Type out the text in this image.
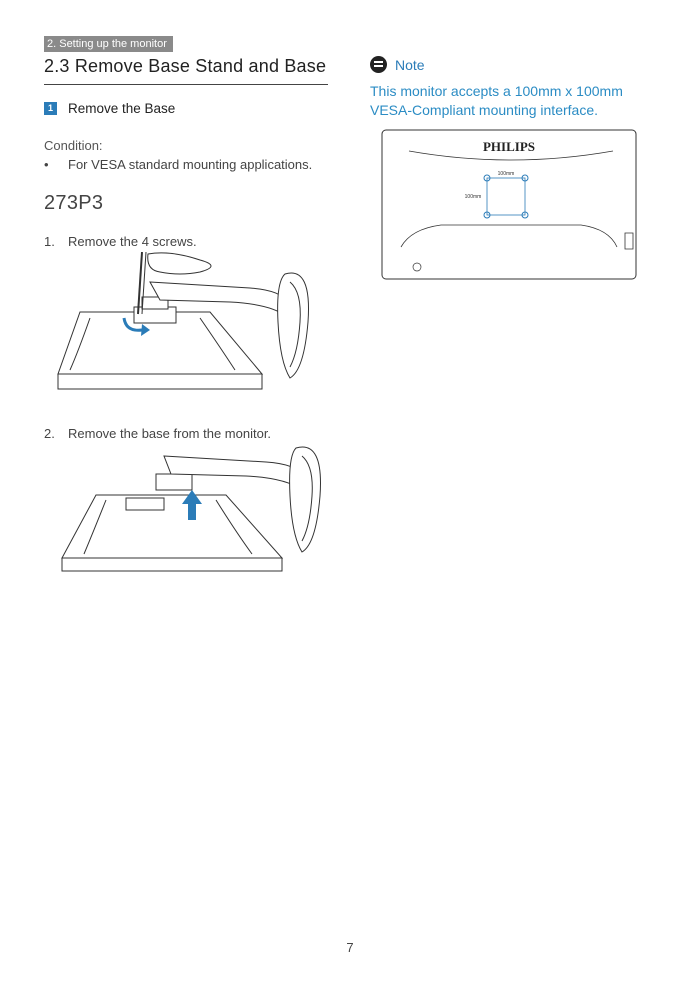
2. Setting up the monitor
2.3 Remove Base Stand and Base
1 Remove the Base
Condition:
•	For VESA standard mounting applications.
273P3
1.	Remove the 4 screws.
2.	Remove the base from the monitor.
Note
This monitor accepts a 100mm x 100mm VESA-Compliant mounting interface.
PHILIPS
100mm
100mm
7
